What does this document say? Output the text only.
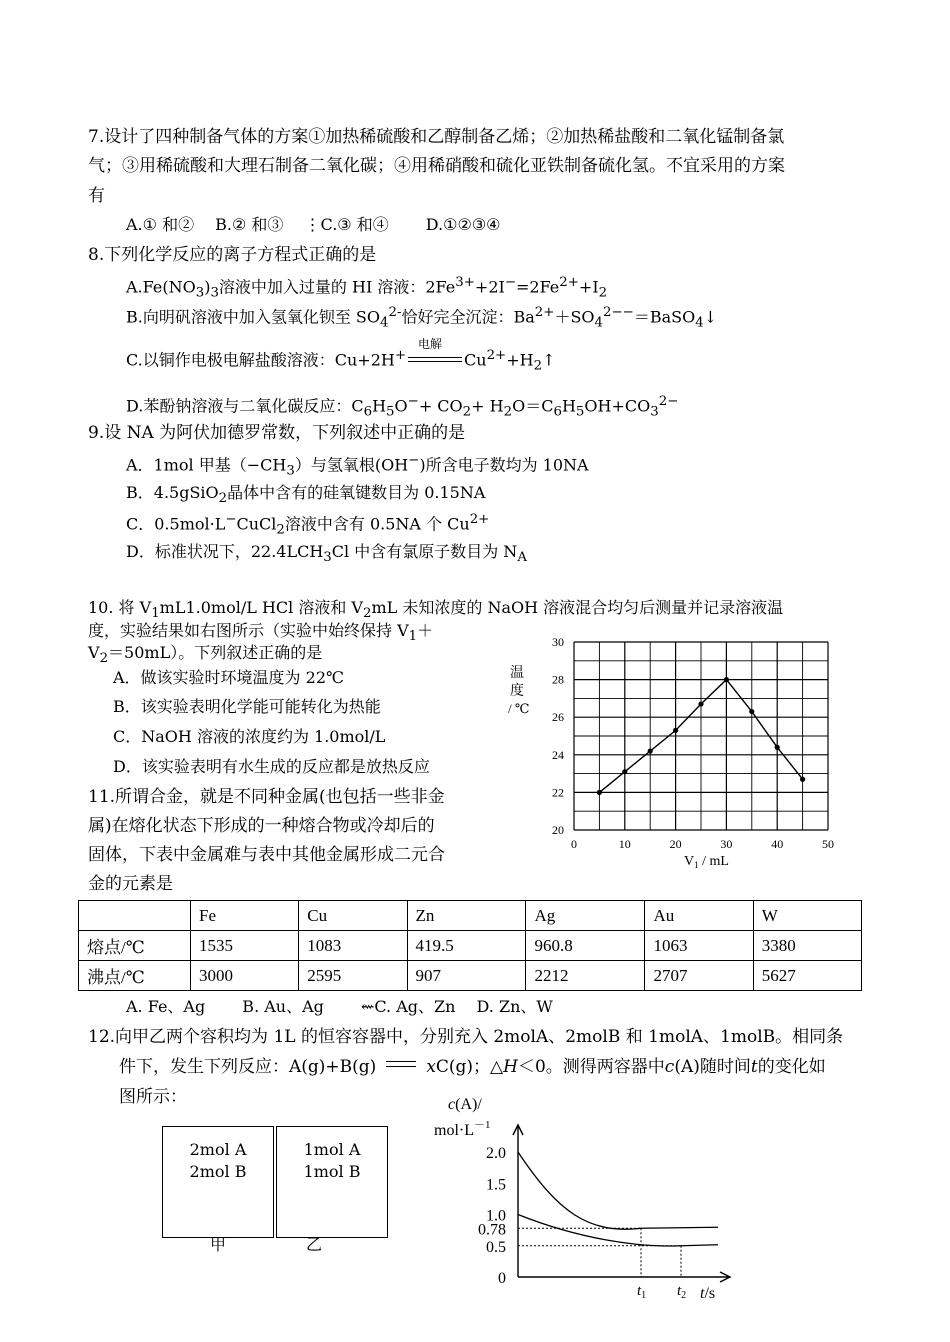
7.设计了四种制备气体的方案①加热稀硫酸和乙醇制备乙烯；②加热稀盐酸和二氧化锰制备氯
气；③用稀硫酸和大理石制备二氧化碳；④用稀硝酸和硫化亚铁制备硫化氢。不宜采用的方案
有
A.① 和②　 B.② 和③　 ⋮C.③ 和④　　 D.①②③④
8.下列化学反应的离子方程式正确的是
$A.Fe(NO_3)_3$溶液中加入过量的 HI 溶液：$2Fe^{3+}+2I^-=2Fe^{2+}+I_2$
B.向明矾溶液中加入氢氧化钡至 $SO_4^{2-}$恰好完全沉淀：$Ba^{2+}+SO_4^{2--}=BaSO_4↓$
C.以铜作电极电解盐酸溶液：Cu+2H+
电解
$Cu^{2+}+H_2↑$
D.苯酚钠溶液与二氧化碳反应：$C_6H_5O^-+ CO_2+ H_2O=C_6H_5OH+CO_3^{2-}$
9.设 NA 为阿伏加德罗常数，下列叙述中正确的是
A．1mol 甲基$(-CH_3)$与氢氧根(OH−)所含电子数均为 10NA
B．4.5gSiO$_2$晶体中含有的硅氧键数目为 0.15NA
C．0.5mol·L−CuCl$_2$溶液中含有 0.5NA 个 $Cu^{2+}$
D．标准状况下，$22.4LCH_3Cl$ 中含有氯原子数目为 $N_A$
10. 将 $V_1mL1.0mol/L$ HCl 溶液和 $V_2mL$ 未知浓度的 NaOH 溶液混合均匀后测量并记录溶液温
度，实验结果如右图所示（实验中始终保持 $V_1+$
$V_2=50mL$）。下列叙述正确的是
A．做该实验时环境温度为 22℃
B．该实验表明化学能可能转化为热能
C．NaOH 溶液的浓度约为 1.0mol/L
D．该实验表明有水生成的反应都是放热反应
0	10	20	30	40	50
20
22
24
26
28
30
温
度
/ ℃
$V_1$ / mL
11.所谓合金，就是不同种金属(也包括一些非金
属)在熔化状态下形成的一种熔合物或冷却后的
固体，下表中金属难与表中其他金属形成二元合
金的元素是
	Fe	Cu	Zn	Ag	Au	W
熔点/℃	1535	1083	419.5	960.8	1063	3380
沸点/℃	3000	2595	907	2212	2707	5627
A. Fe、Ag　　 B. Au、Ag　　 ⇜C. Ag、Zn　 D. Zn、W
12.向甲乙两个容积均为 1L 的恒容容器中，分别充入 2molA、2molB 和 1molA、1molB。相同条
件下，发生下列反应：A(g)+B(g)	xC(g)；△H＜0。测得两容器中c(A)随时间t的变化如
图所示：
2mol A
2mol B
1mol A
1mol B
甲	乙
c(A)/
$mol\cdot L^{-1}$
0
0.5
0.78
1.0
1.5
2.0
$t_1$ $t_2$ t/s
